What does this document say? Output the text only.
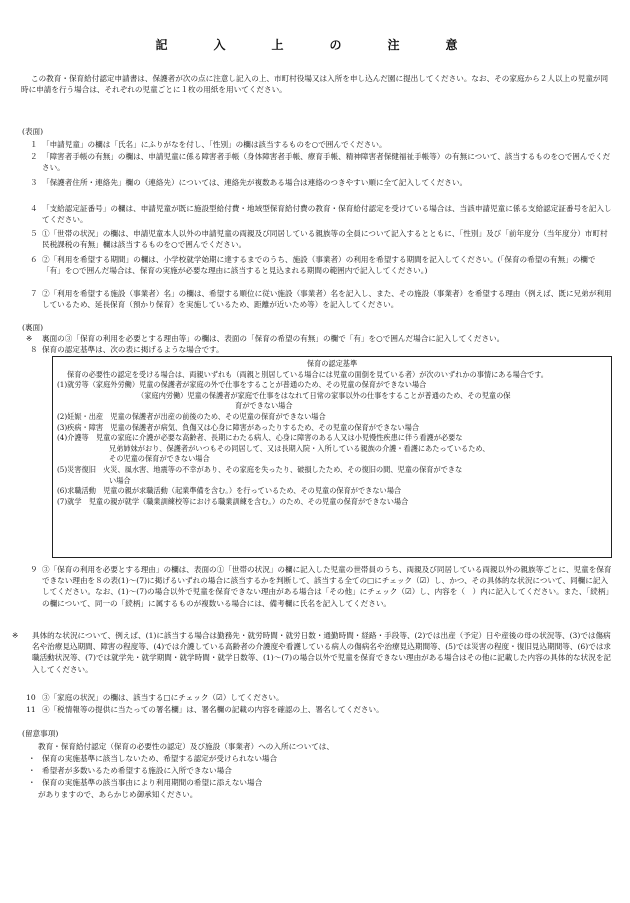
記　入　上　の　注　意
この教育・保育給付認定申請書は、保護者が次の点に注意し記入の上、市町村役場又は入所を申し込んだ園に提出してください。なお、その家庭から２人以上の児童が同時に申請を行う場合は、それぞれの児童ごとに１枚の用紙を用いてください。
(表面)
１ 「申請児童」の欄は「氏名」にふりがなを付し、「性別」の欄は該当するものを○で囲んでください。
２ 「障害者手帳の有無」の欄は、申請児童に係る障害者手帳（身体障害者手帳、療育手帳、精神障害者保健福祉手帳等）の有無について、該当するものを○で囲んでください。
３ 「保護者住所・連絡先」欄の（連絡先）については、連絡先が複数ある場合は連絡のつきやすい順に全て記入してください。
４ 「支給認定証番号」の欄は、申請児童が既に施設型給付費・地域型保育給付費の教育・保育給付認定を受けている場合は、当該申請児童に係る支給認定証番号を記入してください。
５ ①「世帯の状況」の欄は、申請児童本人以外の申請児童の両親及び同居している親族等の全員について記入するとともに、「性別」及び「前年度分（当年度分）市町村民税課税の有無」欄は該当するものを○で囲んでください。
６ ②「利用を希望する期間」の欄は、小学校就学始期に達するまでのうち、施設（事業者）の利用を希望する期間を記入してください。(「保育の希望の有無」の欄で「有」を○で囲んだ場合は、保育の実施が必要な理由に該当すると見込まれる期間の範囲内で記入してください。)
７ ②「利用を希望する施設（事業者）名」の欄は、希望する順位に従い施設（事業者）名を記入し、また、その施設（事業者）を希望する理由（例えば、既に兄弟が利用しているため、延長保育（預かり保育）を実施しているため、距離が近いため等）を記入してください。
(裏面)
※	裏面の③「保育の利用を必要とする理由等」の欄は、表面の「保育の希望の有無」の欄で「有」を○で囲んだ場合に記入してください。
８ 保育の認定基準は、次の表に掲げるような場合です。
保育の認定基準
保育の必要性の認定を受ける場合は、両親いずれも（両親と別居している場合には児童の面倒を見ている者）が次のいずれかの事情にある場合です。
(1)就労等（家庭外労働）児童の保護者が家庭の外で仕事をすることが普通のため、その児童の保育ができない場合
（家庭内労働）児童の保護者が家庭で仕事をはなれて日常の家事以外の仕事をすることが普通のため、その児童の保
育ができない場合
(2)妊娠・出産　児童の保護者が出産の前後のため、その児童の保育ができない場合
(3)疾病・障害　児童の保護者が病気、負傷又は心身に障害があったりするため、その児童の保育ができない場合
(4)介護等　児童の家庭に介護が必要な高齢者、長期にわたる病人、心身に障害のある人又は小児慢性疾患に伴う看護が必要な
兄弟姉妹がおり、保護者がいつもその同居して、又は長期入院・入所している親族の介護・看護にあたっているため、
その児童の保育ができない場合
(5)災害復旧　火災、風水害、地震等の不幸があり、その家庭を失ったり、破損したため、その復旧の間、児童の保育ができな
い場合
(6)求職活動　児童の親が求職活動（起業準備を含む。）を行っているため、その児童の保育ができない場合
(7)就学　児童の親が就学（職業訓練校等における職業訓練を含む。）のため、その児童の保育ができない場合
９ ③「保育の利用を必要とする理由」の欄は、表面の①「世帯の状況」の欄に記入した児童の世帯員のうち、両親及び同居している両親以外の親族等ごとに、児童を保育できない理由を８の表(1)～(7)に掲げるいずれの場合に該当するかを判断して、該当する全ての□にチェック（☑）し、かつ、その具体的な状況について、同欄に記入してください。なお、(1)～(7)の場合以外で児童を保育できない理由がある場合は「その他」にチェック（☑）し、内容を（　）内に記入してください。また、「続柄」の欄について、同一の「続柄」に属するものが複数いる場合には、備考欄に氏名を記入してください。
※	具体的な状況について、例えば、(1)に該当する場合は勤務先・就労時間・就労日数・通勤時間・経路・手段等、(2)では出産（予定）日や産後の母の状況等、(3)では傷病名や治療見込期間、障害の程度等、(4)では介護している高齢者の介護度や看護している病人の傷病名や治療見込期間等、(5)では災害の程度・復旧見込期間等、(6)では求職活動状況等、(7)では就学先・就学期間・就学時間・就学日数等、(1)～(7)の場合以外で児童を保育できない理由がある場合はその他に記載した内容の具体的な状況を記入してください。
10 ③「家庭の状況」の欄は、該当する□にチェック（☑）してください。
11 ④「税情報等の提供に当たっての署名欄」は、署名欄の記載の内容を確認の上、署名してください。
(留意事項)
教育・保育給付認定（保育の必要性の認定）及び施設（事業者）への入所については、
・ 保育の実施基準に該当しないため、希望する認定が受けられない場合
・ 希望者が多数いるため希望する施設に入所できない場合
・ 保育の実施基準の該当事由により利用期間の希望に添えない場合
がありますので、あらかじめ御承知ください。
